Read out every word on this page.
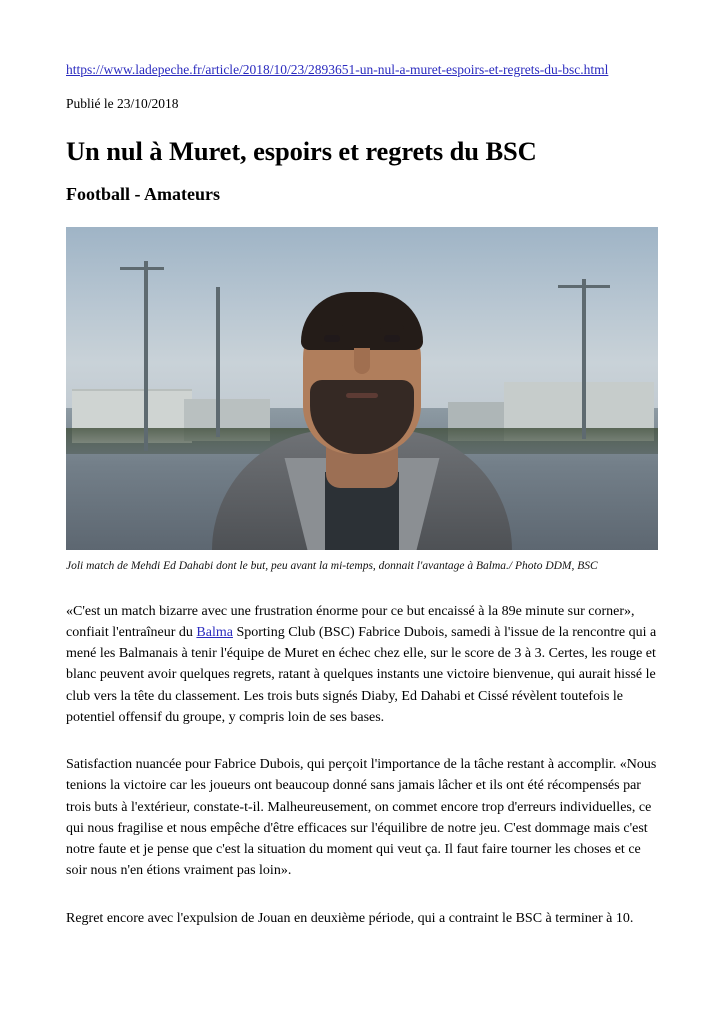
https://www.ladepeche.fr/article/2018/10/23/2893651-un-nul-a-muret-espoirs-et-regrets-du-bsc.html

Publié le 23/10/2018

Un nul à Muret, espoirs et regrets du BSC
Football - Amateurs
Joli match de Mehdi Ed Dahabi dont le but, peu avant la mi-temps, donnait l'avantage à Balma./ Photo DDM, BSC

«C'est un match bizarre avec une frustration énorme pour ce but encaissé à la 89e minute sur corner», confiait l'entraîneur du Balma Sporting Club (BSC) Fabrice Dubois, samedi à l'issue de la rencontre qui a mené les Balmanais à tenir l'équipe de Muret en échec chez elle, sur le score de 3 à 3. Certes, les rouge et blanc peuvent avoir quelques regrets, ratant à quelques instants une victoire bienvenue, qui aurait hissé le club vers la tête du classement. Les trois buts signés Diaby, Ed Dahabi et Cissé révèlent toutefois le potentiel offensif du groupe, y compris loin de ses bases.

Satisfaction nuancée pour Fabrice Dubois, qui perçoit l'importance de la tâche restant à accomplir. «Nous tenions la victoire car les joueurs ont beaucoup donné sans jamais lâcher et ils ont été récompensés par trois buts à l'extérieur, constate-t-il. Malheureusement, on commet encore trop d'erreurs individuelles, ce qui nous fragilise et nous empêche d'être efficaces sur l'équilibre de notre jeu. C'est dommage mais c'est notre faute et je pense que c'est la situation du moment qui veut ça. Il faut faire tourner les choses et ce soir nous n'en étions vraiment pas loin».

Regret encore avec l'expulsion de Jouan en deuxième période, qui a contraint le BSC à terminer à 10.
